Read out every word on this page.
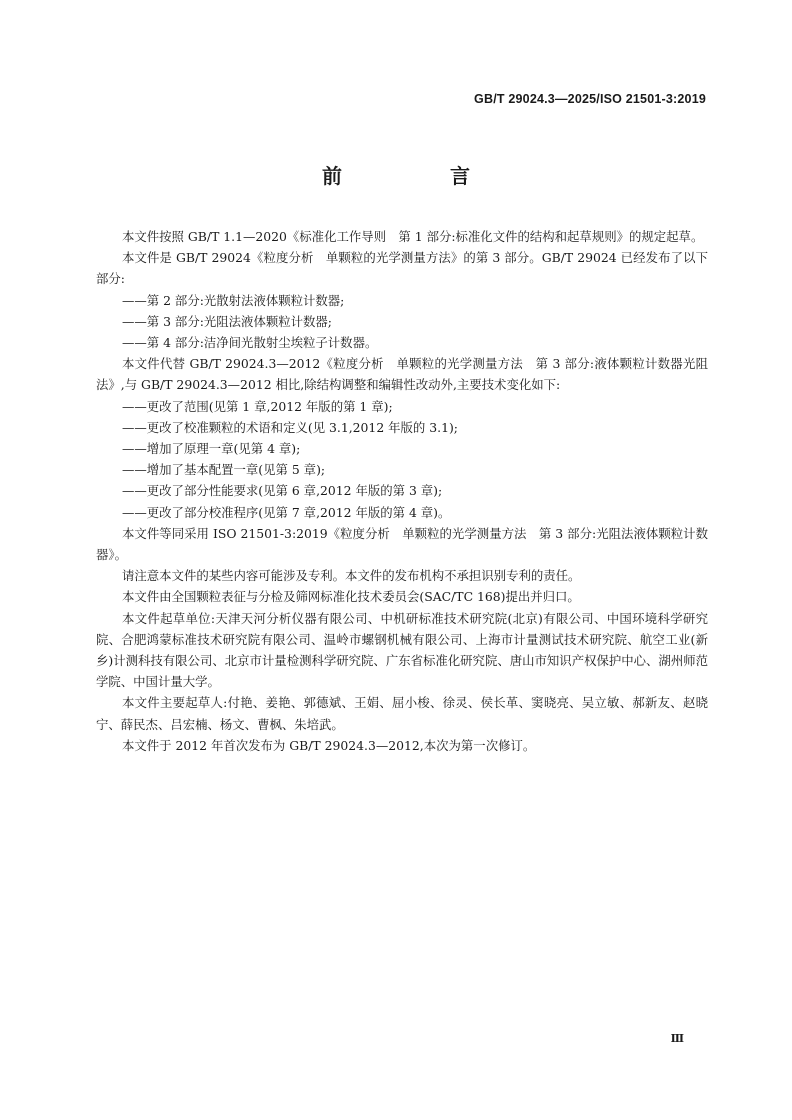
GB/T 29024.3—2025/ISO 21501-3:2019
前　言

本文件按照 GB/T 1.1—2020《标准化工作导则　第 1 部分:标准化文件的结构和起草规则》的规定起草。

本文件是 GB/T 29024《粒度分析　单颗粒的光学测量方法》的第 3 部分。GB/T 29024 已经发布了以下部分:

——第 2 部分:光散射法液体颗粒计数器;

——第 3 部分:光阻法液体颗粒计数器;

——第 4 部分:洁净间光散射尘埃粒子计数器。

本文件代替 GB/T 29024.3—2012《粒度分析　单颗粒的光学测量方法　第 3 部分:液体颗粒计数器光阻法》,与 GB/T 29024.3—2012 相比,除结构调整和编辑性改动外,主要技术变化如下:

——更改了范围(见第 1 章,2012 年版的第 1 章);

——更改了校准颗粒的术语和定义(见 3.1,2012 年版的 3.1);

——增加了原理一章(见第 4 章);

——增加了基本配置一章(见第 5 章);

——更改了部分性能要求(见第 6 章,2012 年版的第 3 章);

——更改了部分校准程序(见第 7 章,2012 年版的第 4 章)。

本文件等同采用 ISO 21501-3:2019《粒度分析　单颗粒的光学测量方法　第 3 部分:光阻法液体颗粒计数器》。

请注意本文件的某些内容可能涉及专利。本文件的发布机构不承担识别专利的责任。

本文件由全国颗粒表征与分检及筛网标准化技术委员会(SAC/TC 168)提出并归口。

本文件起草单位:天津天河分析仪器有限公司、中机研标准技术研究院(北京)有限公司、中国环境科学研究院、合肥鸿蒙标准技术研究院有限公司、温岭市螺钢机械有限公司、上海市计量测试技术研究院、航空工业(新乡)计测科技有限公司、北京市计量检测科学研究院、广东省标准化研究院、唐山市知识产权保护中心、湖州师范学院、中国计量大学。

本文件主要起草人:付艳、姜艳、郭德斌、王娟、屈小梭、徐灵、侯长革、窦晓亮、吴立敏、郝新友、赵晓宁、薛民杰、吕宏楠、杨文、曹枫、朱培武。

本文件于 2012 年首次发布为 GB/T 29024.3—2012,本次为第一次修订。

Ⅲ
